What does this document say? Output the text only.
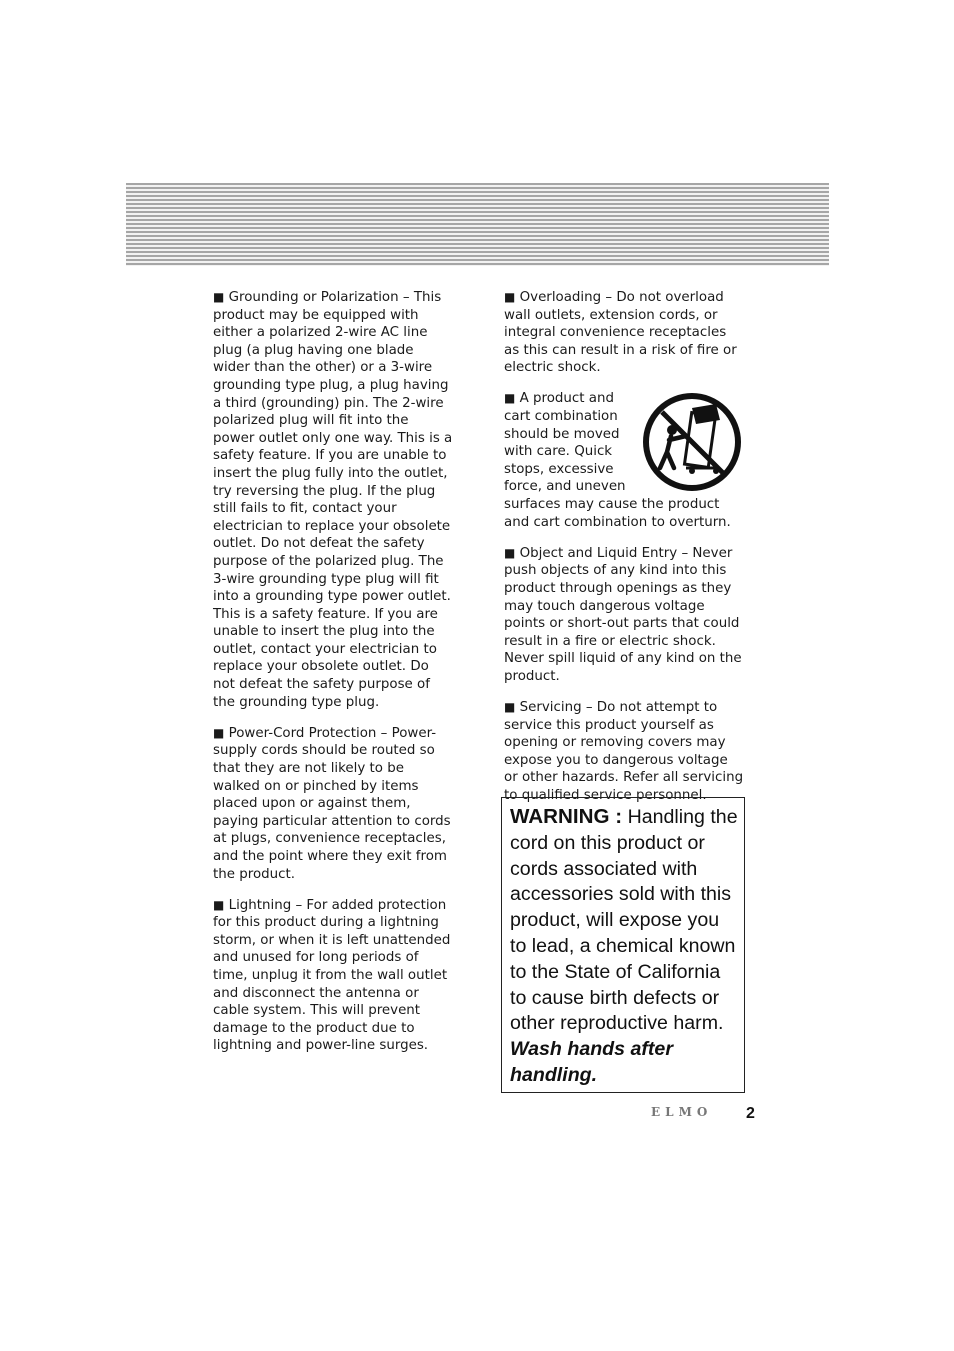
■ Grounding or Polarization – This product may be equipped with either a polarized 2-wire AC line plug (a plug having one blade wider than the other) or a 3-wire grounding type plug, a plug having a third (grounding) pin. The 2-wire polarized plug will fit into the power outlet only one way. This is a safety feature. If you are unable to insert the plug fully into the outlet, try reversing the plug. If the plug still fails to fit, contact your electrician to replace your obsolete outlet. Do not defeat the safety purpose of the polarized plug. The 3-wire grounding type plug will fit into a grounding type power outlet. This is a safety feature. If you are unable to insert the plug into the outlet, contact your electrician to replace your obsolete outlet. Do not defeat the safety purpose of the grounding type plug.

■ Power-Cord Protection – Power-supply cords should be routed so that they are not likely to be walked on or pinched by items placed upon or against them, paying particular attention to cords at plugs, convenience receptacles, and the point where they exit from the product.

■ Lightning – For added protection for this product during a lightning storm, or when it is left unattended and unused for long periods of time, unplug it from the wall outlet and disconnect the antenna or cable system. This will prevent damage to the product due to lightning and power-line surges.

■ Overloading – Do not overload wall outlets, extension cords, or integral convenience receptacles as this can result in a risk of fire or electric shock.

■ A product and cart combination should be moved with care. Quick stops, excessive force, and uneven surfaces may cause the product and cart combination to overturn.

■ Object and Liquid Entry – Never push objects of any kind into this product through openings as they may touch dangerous voltage points or short-out parts that could result in a fire or electric shock. Never spill liquid of any kind on the product.

■ Servicing – Do not attempt to service this product yourself as opening or removing covers may expose you to dangerous voltage or other hazards. Refer all servicing to qualified service personnel.

WARNING : Handling the cord on this product or cords associated with accessories sold with this product, will expose you to lead, a chemical known to the State of California to cause birth defects or other reproductive harm.
Wash hands after handling.
ELMO 2
